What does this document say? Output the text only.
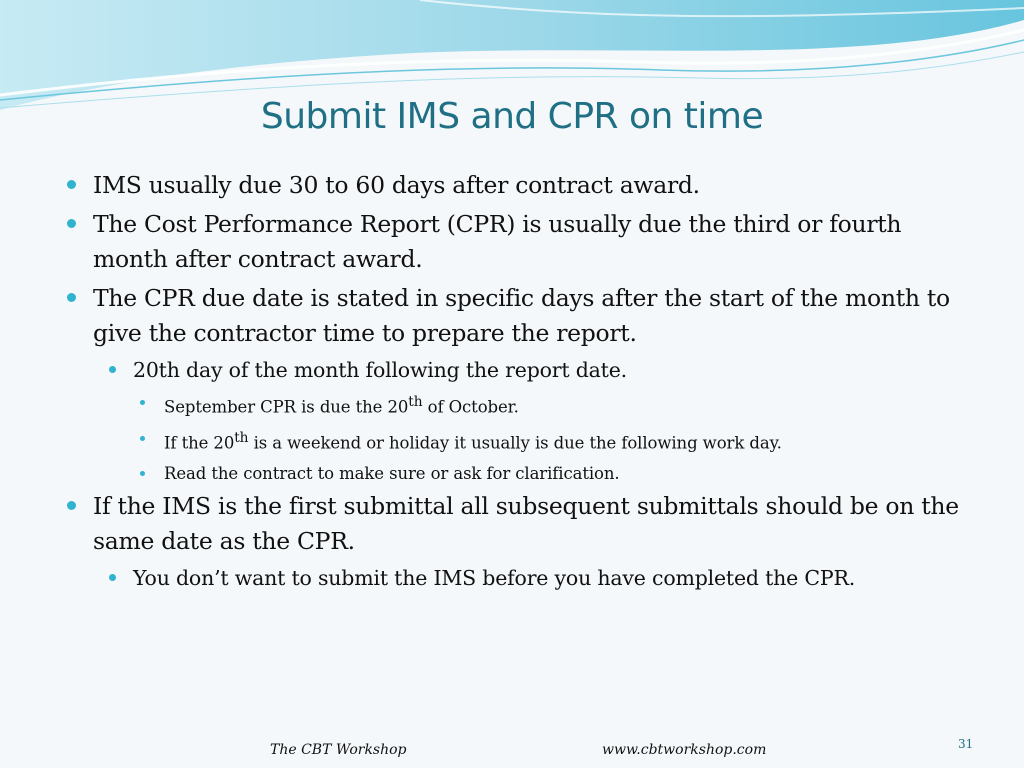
Submit IMS and CPR on time
IMS usually due 30 to 60 days after contract award.
The Cost Performance Report (CPR) is usually due the third or fourth month after contract award.
The CPR due date is stated in specific days after the start of the month to give the contractor time to prepare the report.
20th day of the month following the report date.
September CPR is due the 20th of October.
If the 20th is a weekend or holiday it usually is due the following work day.
Read the contract to make sure or ask for clarification.
If the IMS is the first submittal all subsequent submittals should be on the same date as the CPR.
You don’t want to submit the IMS before you have completed the CPR.
The CBT Workshop	www.cbtworkshop.com	31
